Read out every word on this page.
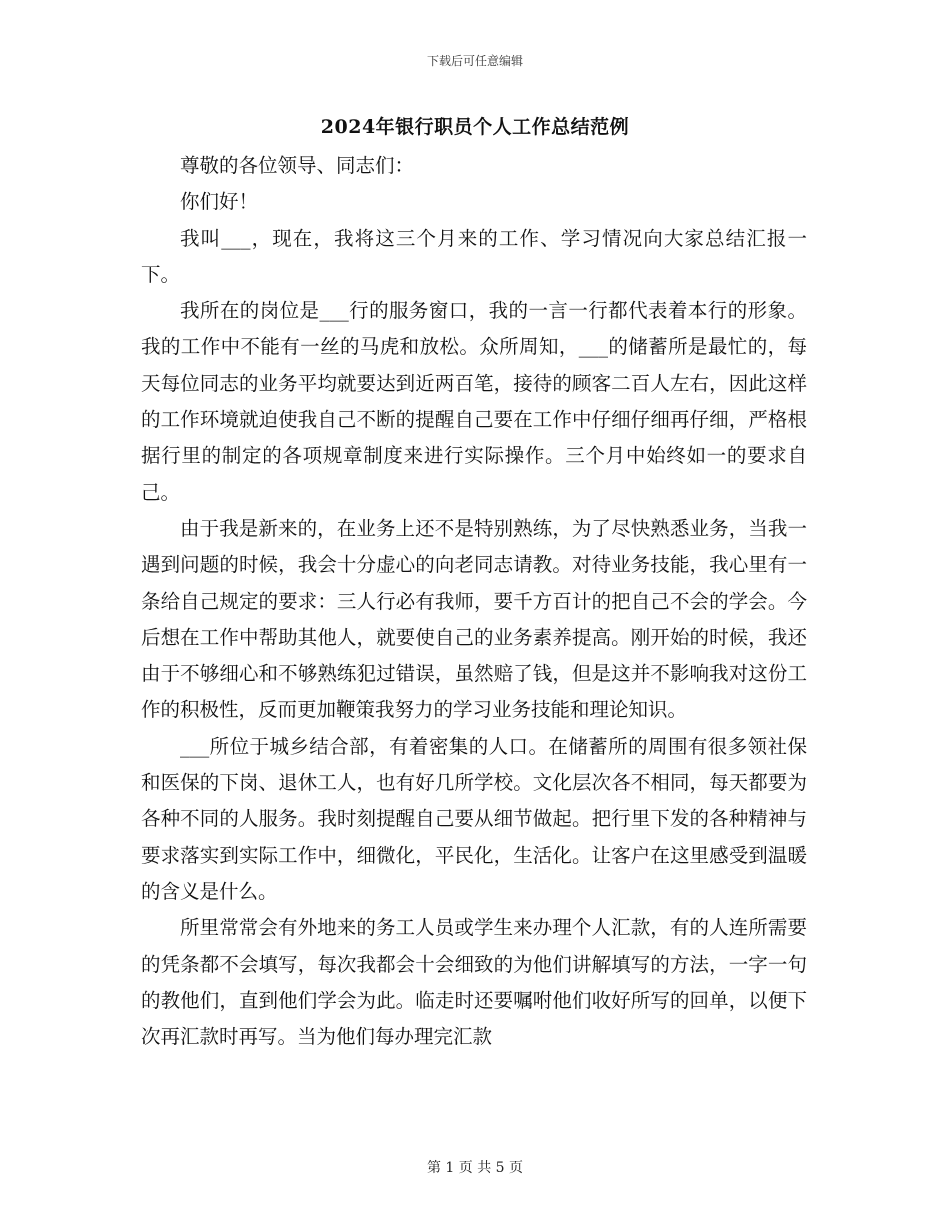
下载后可任意编辑
2024年银行职员个人工作总结范例

尊敬的各位领导、同志们：

你们好！

我叫___，现在，我将这三个月来的工作、学习情况向大家总结汇报一下。

我所在的岗位是___行的服务窗口，我的一言一行都代表着本行的形象。我的工作中不能有一丝的马虎和放松。众所周知，___的储蓄所是最忙的，每天每位同志的业务平均就要达到近两百笔，接待的顾客二百人左右，因此这样的工作环境就迫使我自己不断的提醒自己要在工作中仔细仔细再仔细，严格根据行里的制定的各项规章制度来进行实际操作。三个月中始终如一的要求自己。

由于我是新来的，在业务上还不是特别熟练，为了尽快熟悉业务，当我一遇到问题的时候，我会十分虚心的向老同志请教。对待业务技能，我心里有一条给自己规定的要求：三人行必有我师，要千方百计的把自己不会的学会。今后想在工作中帮助其他人，就要使自己的业务素养提高。刚开始的时候，我还由于不够细心和不够熟练犯过错误，虽然赔了钱，但是这并不影响我对这份工作的积极性，反而更加鞭策我努力的学习业务技能和理论知识。

___所位于城乡结合部，有着密集的人口。在储蓄所的周围有很多领社保和医保的下岗、退休工人，也有好几所学校。文化层次各不相同，每天都要为各种不同的人服务。我时刻提醒自己要从细节做起。把行里下发的各种精神与要求落实到实际工作中，细微化，平民化，生活化。让客户在这里感受到温暖的含义是什么。

所里常常会有外地来的务工人员或学生来办理个人汇款，有的人连所需要的凭条都不会填写，每次我都会十会细致的为他们讲解填写的方法，一字一句的教他们，直到他们学会为此。临走时还要嘱咐他们收好所写的回单，以便下次再汇款时再写。当为他们每办理完汇款

第 1 页 共 5 页
